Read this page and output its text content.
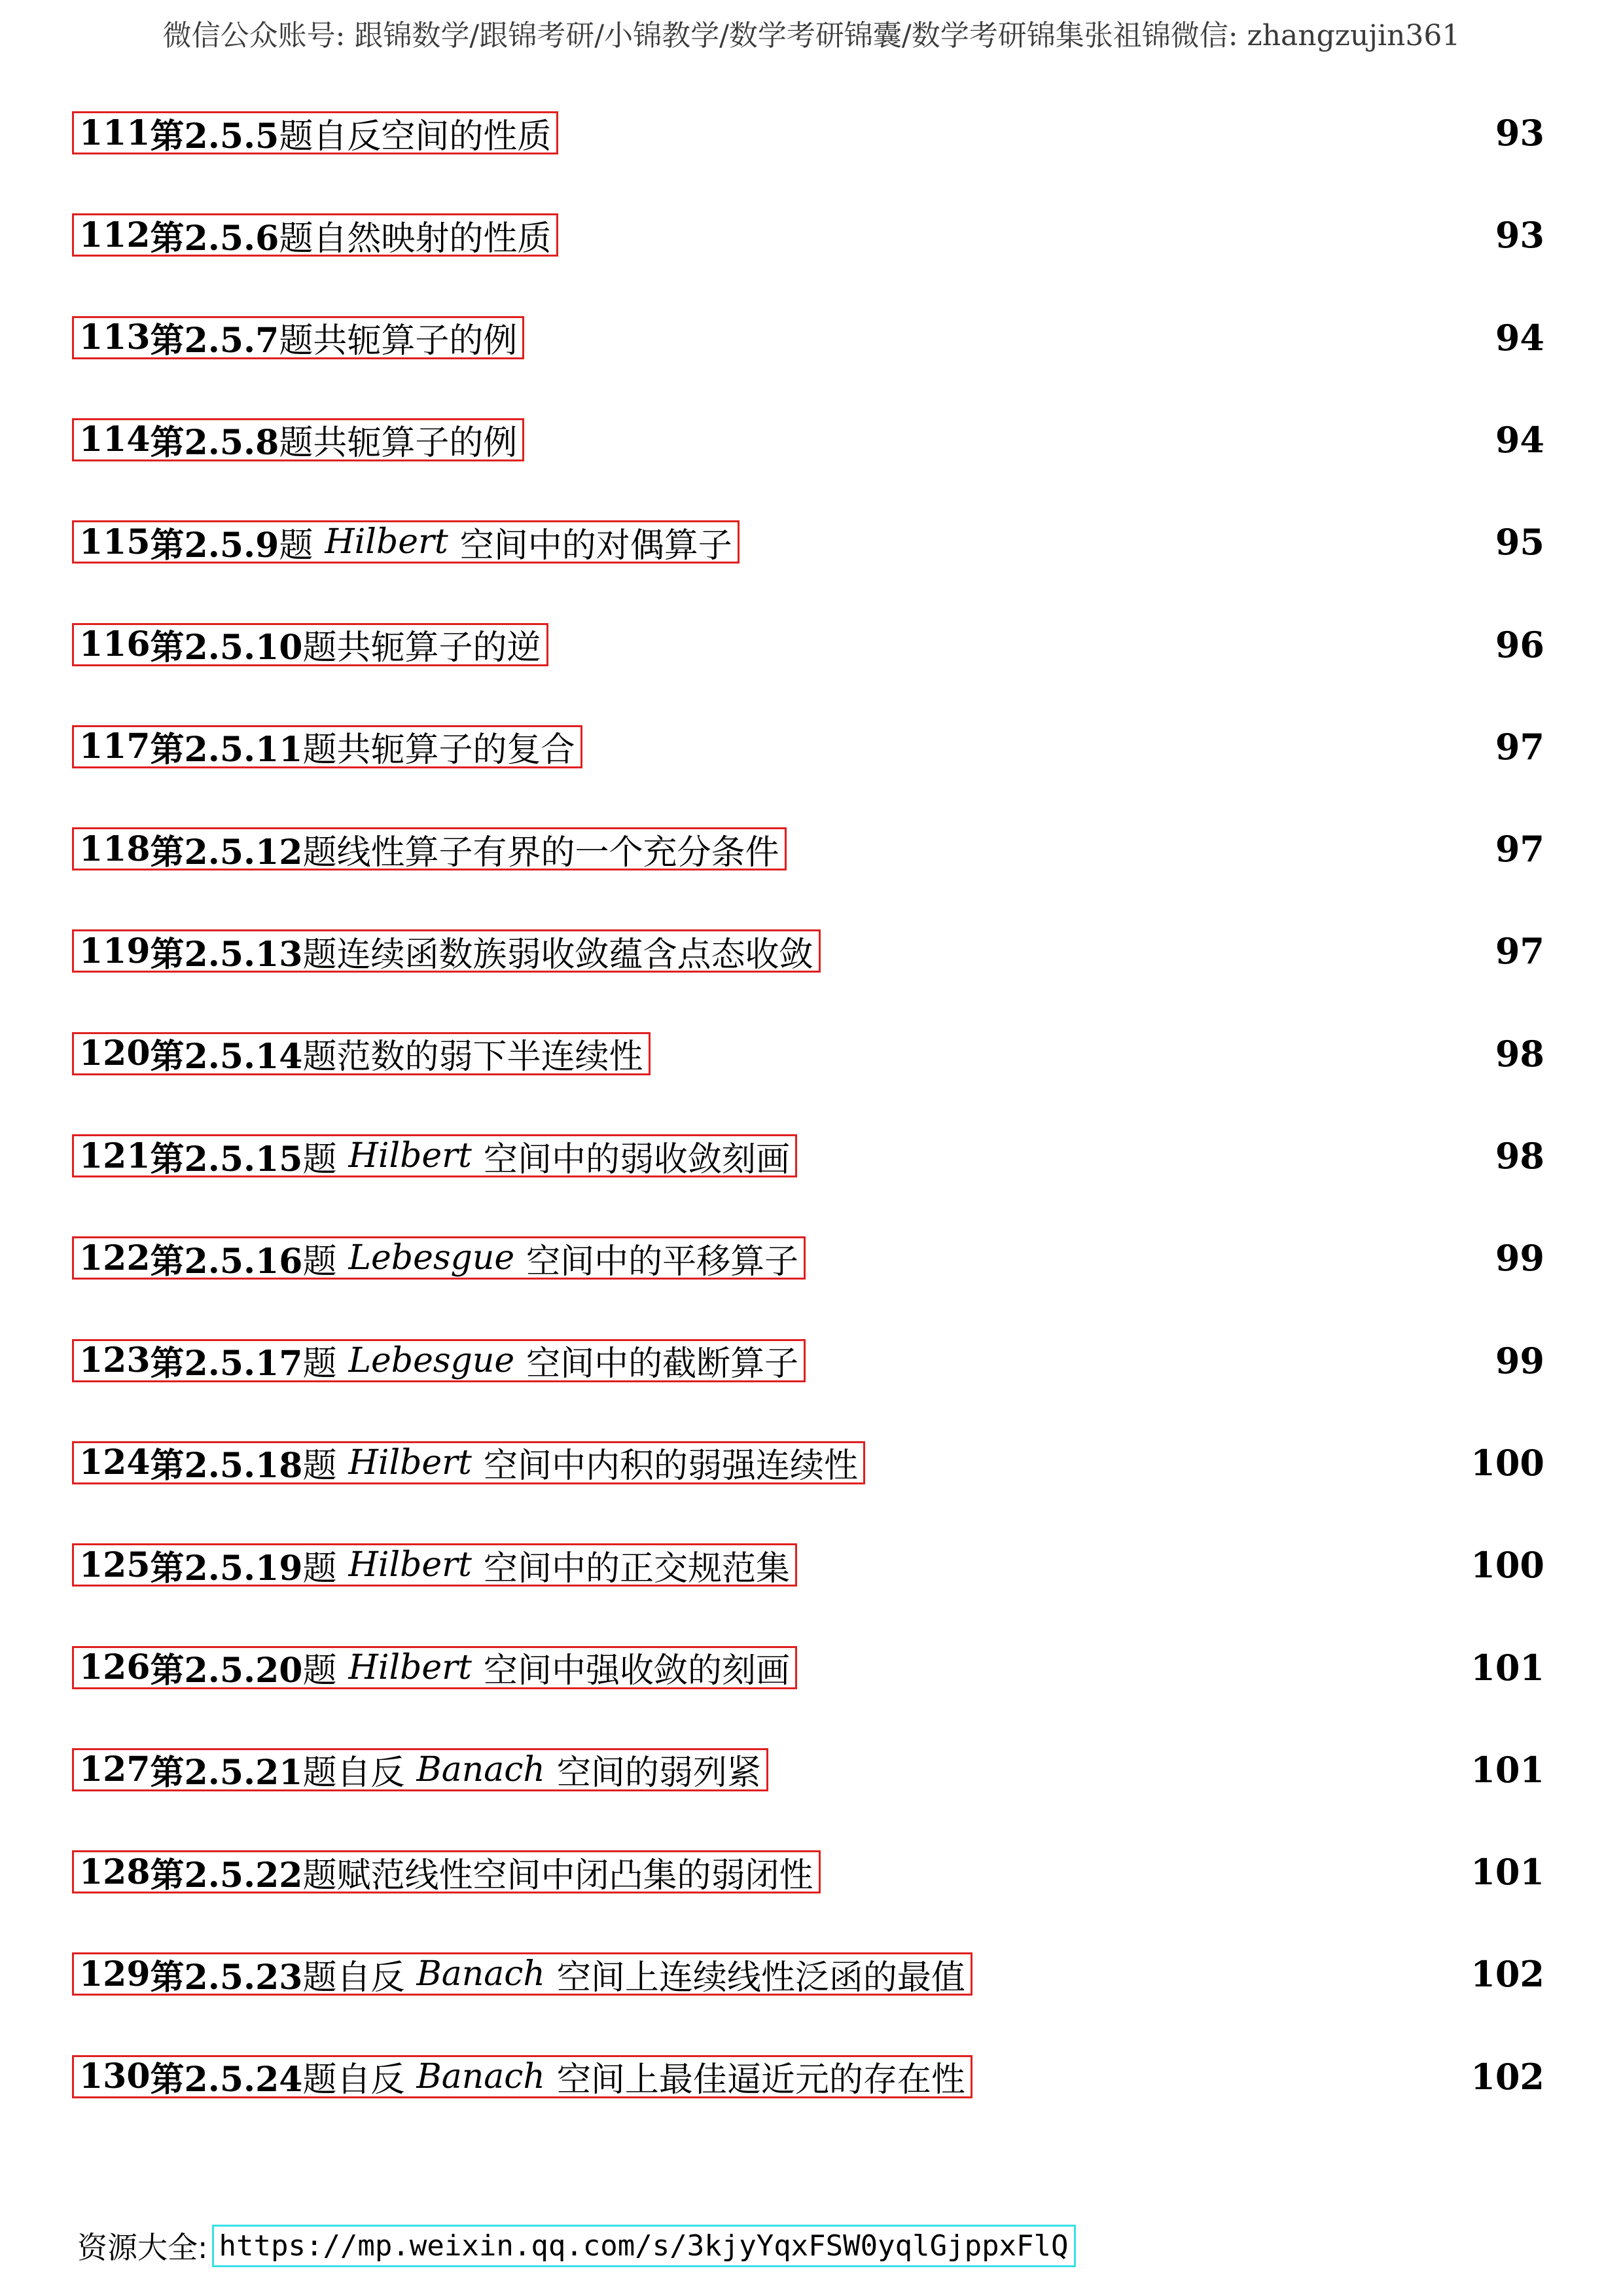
微信公众账号: 跟锦数学/跟锦考研/小锦教学/数学考研锦囊/数学考研锦集张祖锦微信: zhangzujin361
111 第2.5.5 题自反空间的性质	93
112 第2.5.6 题自然映射的性质	93
113 第2.5.7 题共轭算子的例	94
114 第2.5.8 题共轭算子的例	94
115 第2.5.9 题 Hilbert 空间中的对偶算子	95
116 第2.5.10 题共轭算子的逆	96
117 第2.5.11 题共轭算子的复合	97
118 第2.5.12 题线性算子有界的一个充分条件	97
119 第2.5.13 题连续函数族弱收敛蕴含点态收敛	97
120 第2.5.14 题范数的弱下半连续性	98
121 第2.5.15 题 Hilbert 空间中的弱收敛刻画	98
122 第2.5.16 题 Lebesgue 空间中的平移算子	99
123 第2.5.17 题 Lebesgue 空间中的截断算子	99
124 第2.5.18 题 Hilbert 空间中内积的弱强连续性	100
125 第2.5.19 题 Hilbert 空间中的正交规范集	100
126 第2.5.20 题 Hilbert 空间中强收敛的刻画	101
127 第2.5.21 题自反 Banach 空间的弱列紧	101
128 第2.5.22 题赋范线性空间中闭凸集的弱闭性	101
129 第2.5.23 题自反 Banach 空间上连续线性泛函的最值	102
130 第2.5.24 题自反 Banach 空间上最佳逼近元的存在性	102
资源大全: https://mp.weixin.qq.com/s/3kjyYqxFSW0yqlGjppxFlQ
